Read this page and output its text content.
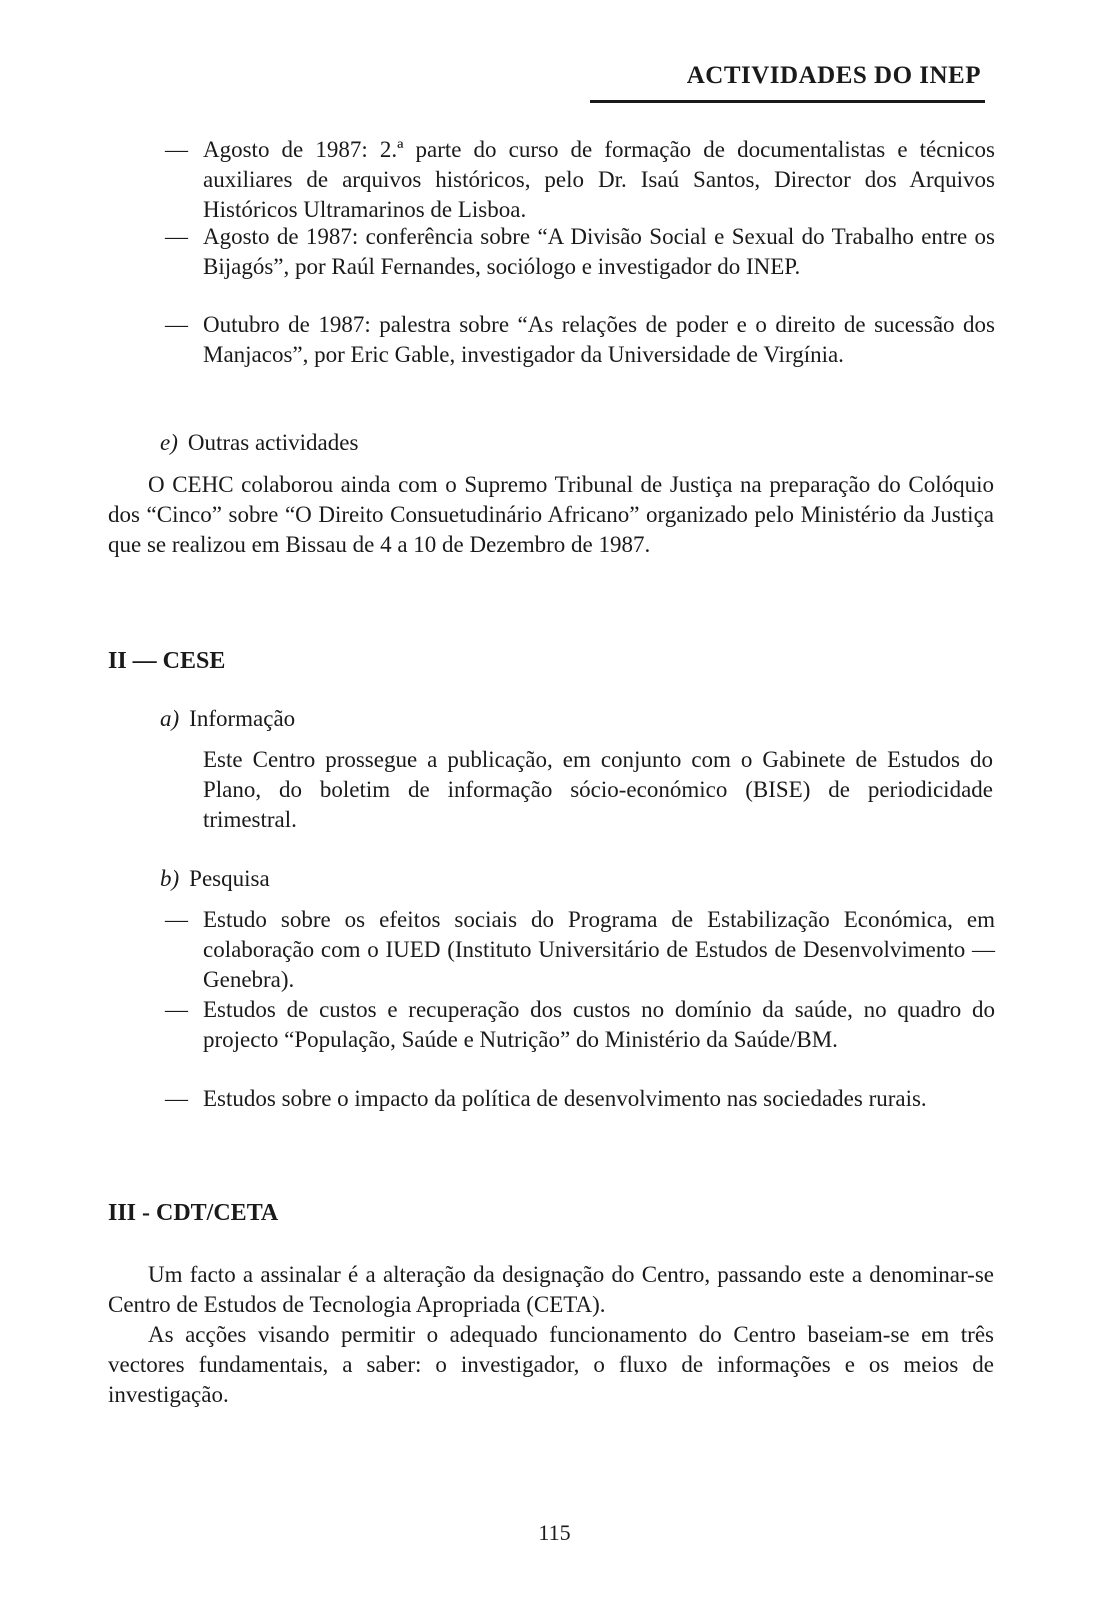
ACTIVIDADES DO INEP
— Agosto de 1987: 2.ª parte do curso de formação de documentalistas e técnicos auxiliares de arquivos históricos, pelo Dr. Isaú Santos, Director dos Arquivos Históricos Ultramarinos de Lisboa.
— Agosto de 1987: conferência sobre “A Divisão Social e Sexual do Trabalho entre os Bijagós”, por Raúl Fernandes, sociólogo e investigador do INEP.
— Outubro de 1987: palestra sobre “As relações de poder e o direito de sucessão dos Manjacos”, por Eric Gable, investigador da Universidade de Virgínia.
e) Outras actividades
O CEHC colaborou ainda com o Supremo Tribunal de Justiça na preparação do Colóquio dos “Cinco” sobre “O Direito Consuetudinário Africano” organizado pelo Ministério da Justiça que se realizou em Bissau de 4 a 10 de Dezembro de 1987.
II — CESE
a) Informação
Este Centro prossegue a publicação, em conjunto com o Gabinete de Estudos do Plano, do boletim de informação sócio-económico (BISE) de periodicidade trimestral.
b) Pesquisa
— Estudo sobre os efeitos sociais do Programa de Estabilização Económica, em colaboração com o IUED (Instituto Universitário de Estudos de Desenvolvimento — Genebra).
— Estudos de custos e recuperação dos custos no domínio da saúde, no quadro do projecto “População, Saúde e Nutrição” do Ministério da Saúde/BM.
— Estudos sobre o impacto da política de desenvolvimento nas sociedades rurais.
III - CDT/CETA
Um facto a assinalar é a alteração da designação do Centro, passando este a denominar-se Centro de Estudos de Tecnologia Apropriada (CETA).
As acções visando permitir o adequado funcionamento do Centro baseiam-se em três vectores fundamentais, a saber: o investigador, o fluxo de informações e os meios de investigação.
115
